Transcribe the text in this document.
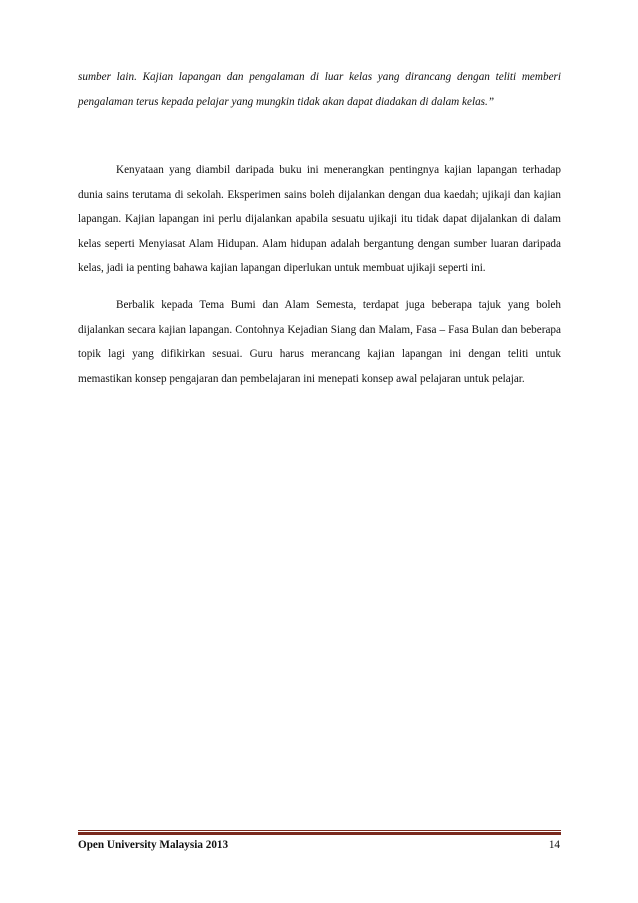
sumber lain. Kajian lapangan dan pengalaman di luar kelas yang dirancang dengan teliti memberi pengalaman terus kepada pelajar yang mungkin tidak akan dapat diadakan di dalam kelas.”

Kenyataan yang diambil daripada buku ini menerangkan pentingnya kajian lapangan terhadap dunia sains terutama di sekolah. Eksperimen sains boleh dijalankan dengan dua kaedah; ujikaji dan kajian lapangan. Kajian lapangan ini perlu dijalankan apabila sesuatu ujikaji itu tidak dapat dijalankan di dalam kelas seperti Menyiasat Alam Hidupan. Alam hidupan adalah bergantung dengan sumber luaran daripada kelas, jadi ia penting bahawa kajian lapangan diperlukan untuk membuat ujikaji seperti ini.

Berbalik kepada Tema Bumi dan Alam Semesta, terdapat juga beberapa tajuk yang boleh dijalankan secara kajian lapangan. Contohnya Kejadian Siang dan Malam, Fasa – Fasa Bulan dan beberapa topik lagi yang difikirkan sesuai. Guru harus merancang kajian lapangan ini dengan teliti untuk memastikan konsep pengajaran dan pembelajaran ini menepati konsep awal pelajaran untuk pelajar.

Open University Malaysia 2013	14
